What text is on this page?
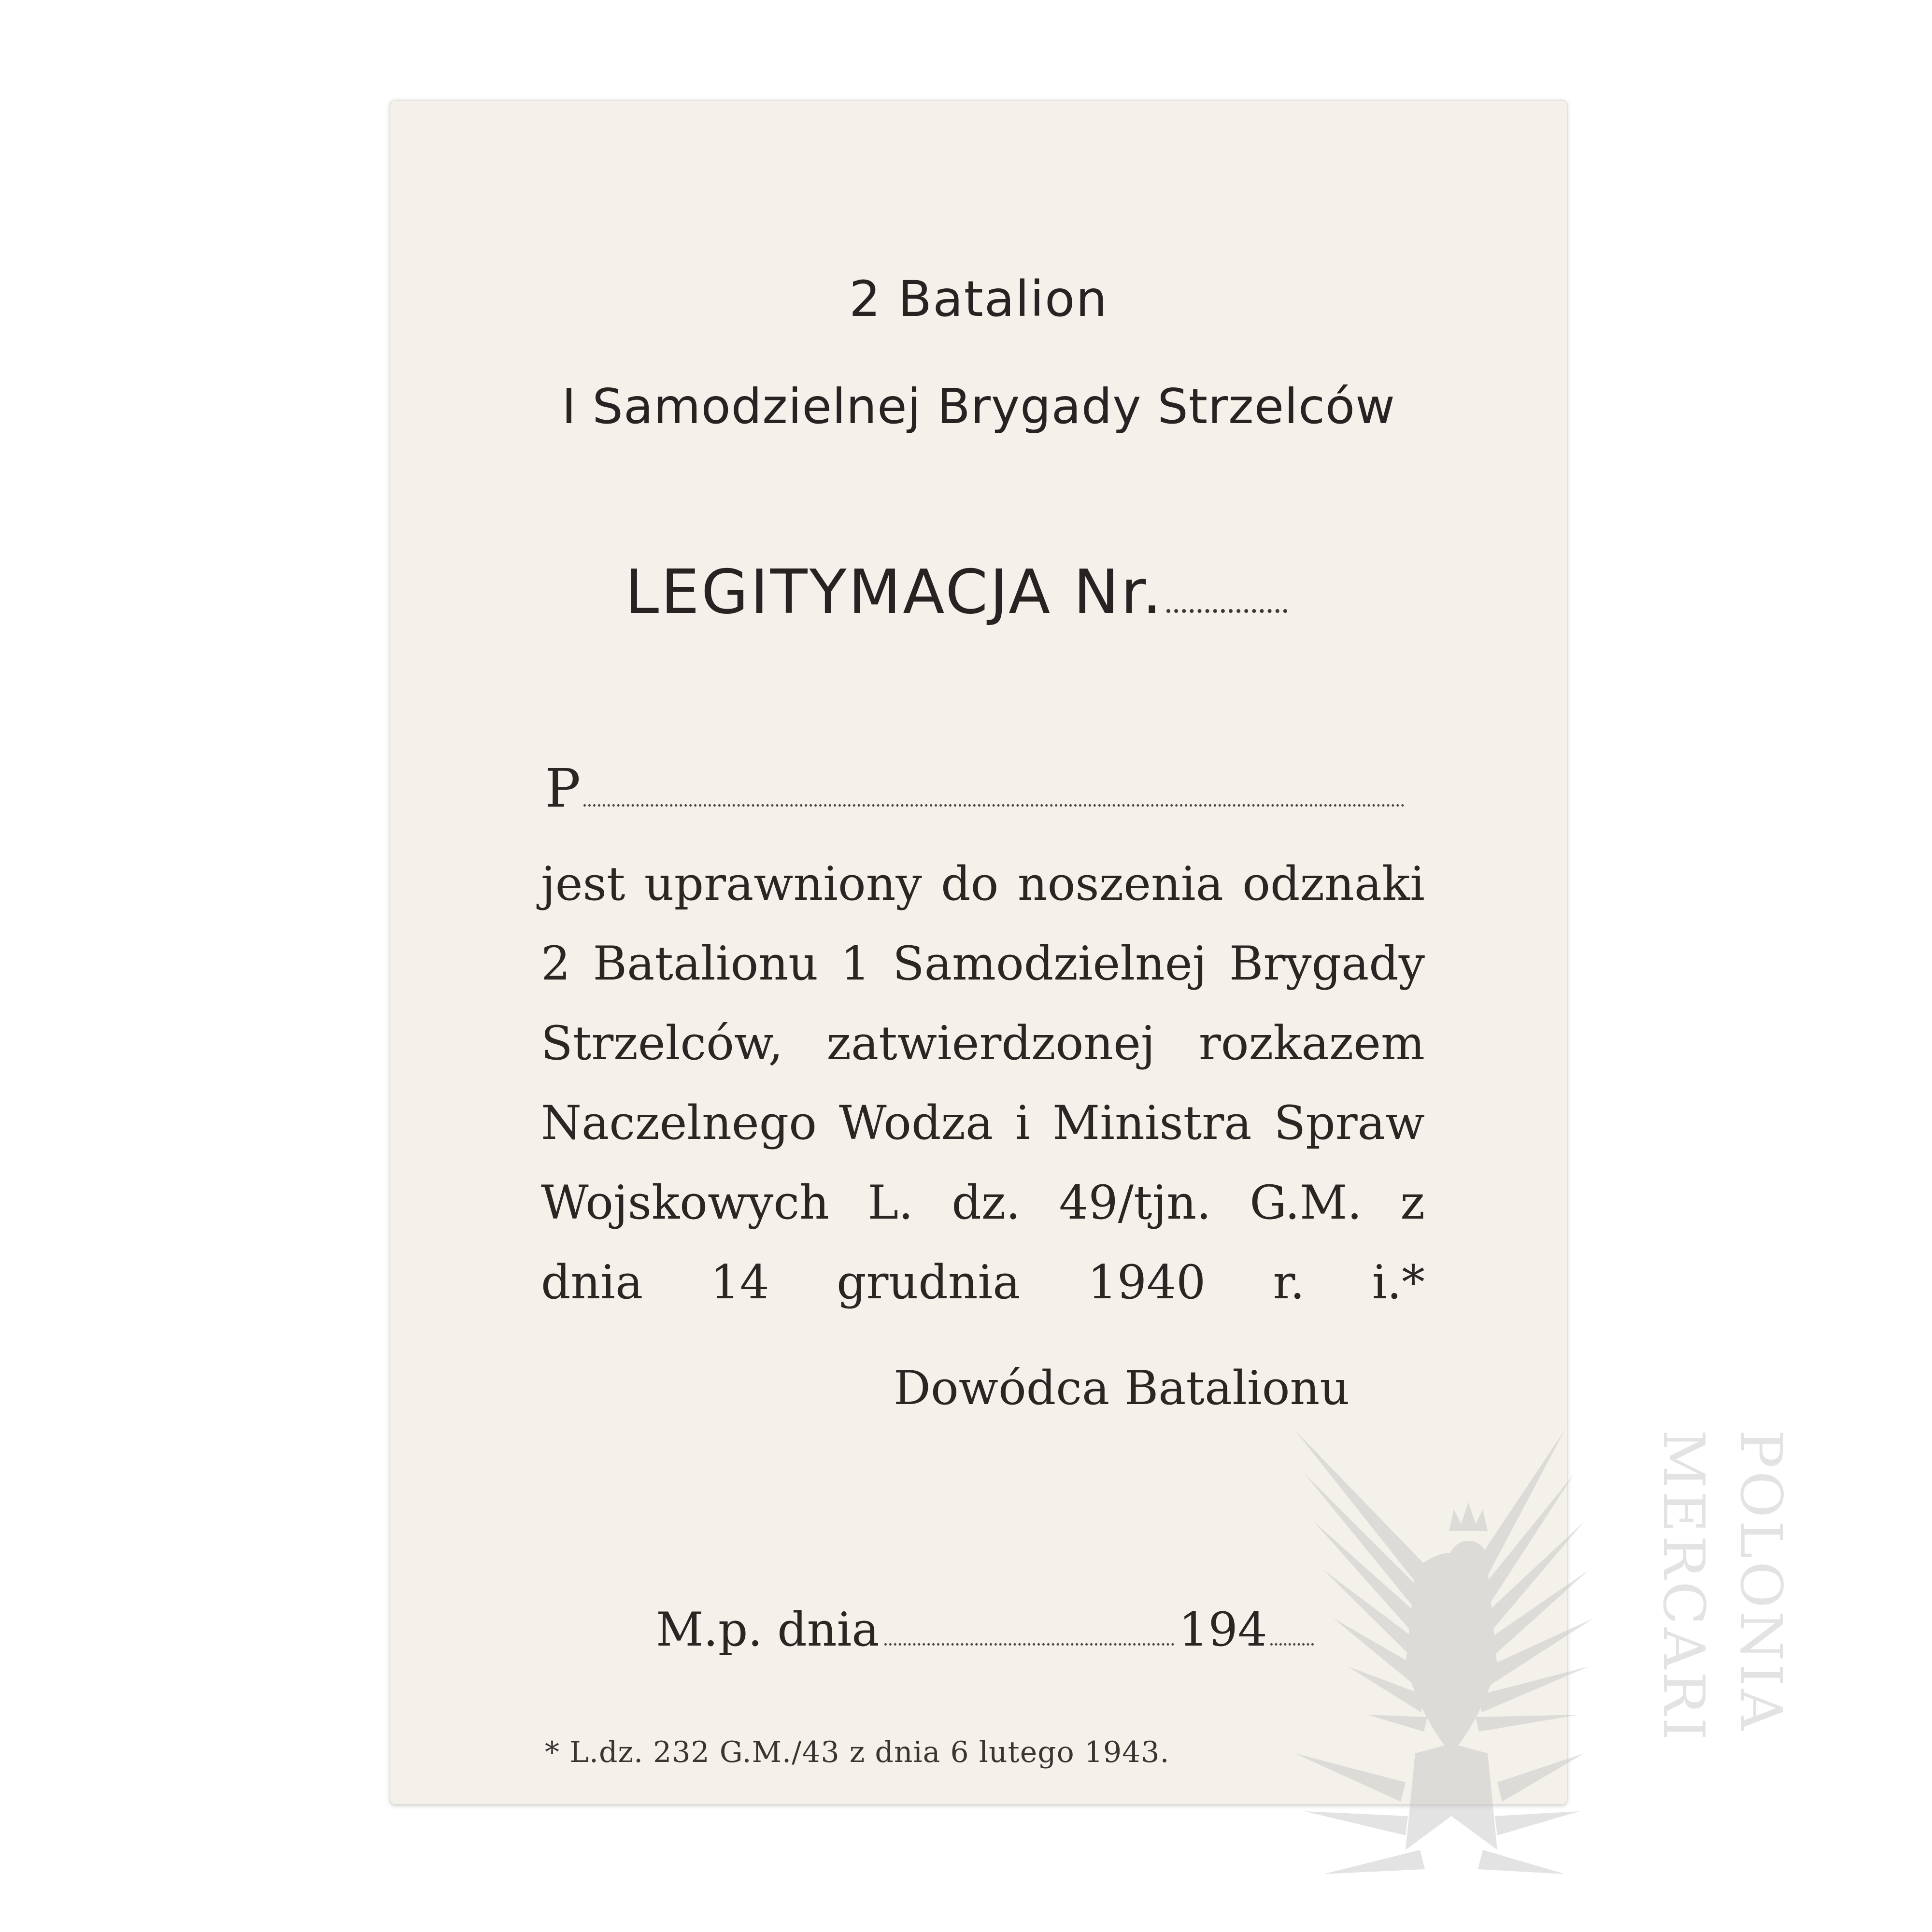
2 Batalion
I Samodzielnej Brygady Strzelców
LEGITYMACJA Nr.
P
jest uprawniony do noszenia odznaki
2 Batalionu 1 Samodzielnej Brygady
Strzelców, zatwierdzonej rozkazem
Naczelnego Wodza i Ministra Spraw
Wojskowych L. dz. 49/tjn. G.M. z
dnia 14 grudnia 1940 r. i.*
Dowódca Batalionu
M.p. dnia	194
* L.dz. 232 G.M./43 z dnia 6 lutego 1943.
MERCARI POLONIA
